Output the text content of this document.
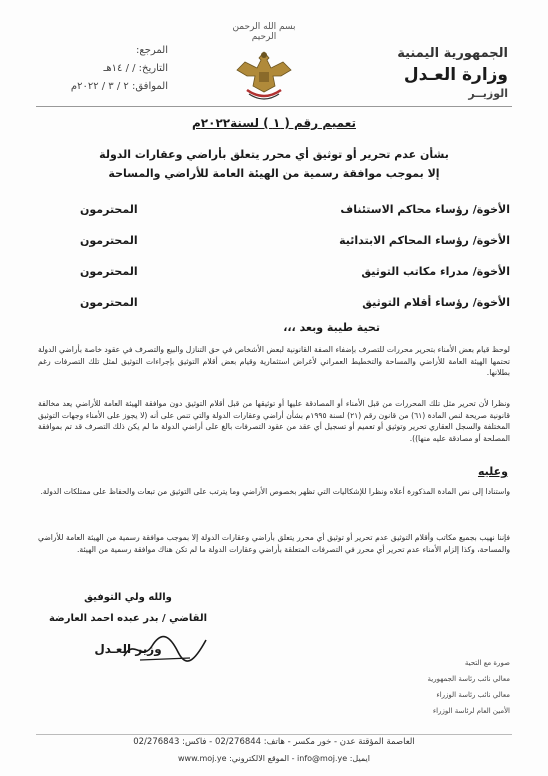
الجمهورية اليمنية
وزارة العـدل
الوزيــر
بسم الله الرحمن الرحيم
المرجع:
التاريخ: / / ١٤هـ
الموافق: ٢ / ٣ / ٢٠٢٢م
تعميم رقم ( ١ ) لسنة٢٠٢٢م
بشأن عدم تحرير أو توثيق أي محرر يتعلق بأراضي وعقارات الدولة
إلا بموجب موافقة رسمية من الهيئة العامة للأراضي والمساحة
الأخوة/ رؤساء محاكم الاستئناف
المحترمون
الأخوة/ رؤساء المحاكم الابتدائية
المحترمون
الأخوة/ مدراء مكاتب التوثيق
المحترمون
الأخوة/ رؤساء أقلام التوثيق
المحترمون
تحية طيبة وبعد ،،،
لوحظ قيام بعض الأمناء بتحرير محررات للتصرف بإضفاء الصفة القانونية لبعض الأشخاص في حق التنازل والبيع والتصرف في عقود خاصة بأراضي الدولة تحتمها الهيئة العامة للأراضي والمساحة والتخطيط العمراني لأغراض استثمارية وقيام بعض أقلام التوثيق بإجراءات التوثيق لمثل تلك التصرفات رغم بطلانها.
ونظرا لأن تحرير مثل تلك المحررات من قبل الأمناء أو المصادقة عليها أو توثيقها من قبل أقلام التوثيق دون موافقة الهيئة العامة للأراضي يعد مخالفة قانونية صريحة لنص المادة (٦١) من قانون رقم (٢١) لسنة ١٩٩٥م بشأن أراضي وعقارات الدولة والتي تنص على أنه (لا يجوز على الأمناء وجهات التوثيق المختلفة والسجل العقاري تحرير وتوثيق أو تعميم أو تسجيل أي عقد من عقود التصرفات بالغ على أراضي الدولة ما لم يكن ذلك التصرف قد تم بموافقة المصلحة أو مصادقة عليه منها)).
وعليه
واستنادا إلى نص المادة المذكورة أعلاه ونظرا للإشكاليات التي تظهر بخصوص الأراضي وما يترتب على التوثيق من تبعات والحفاظ على ممتلكات الدولة.
فإننا نهيب بجميع مكاتب وأقلام التوثيق عدم تحرير أو توثيق أي محرر يتعلق بأراضي وعقارات الدولة إلا بموجب موافقة رسمية من الهيئة العامة للأراضي والمساحة، وكذا إلزام الأمناء عدم تحرير أي محرر في التصرفات المتعلقة بأراضي وعقارات الدولة ما لم تكن هناك موافقة رسمية من الهيئة.
والله ولي التوفيق
القاضي / بدر عبده احمد العارضة
وزير العـدل
صورة مع التحية
معالي نائب رئاسة الجمهورية
معالي نائب رئاسة الوزراء
الأمين العام لرئاسة الوزراء
العاصمة المؤقتة عدن - خور مكسر - هاتف: 02/276844 - فاكس: 02/276843
ايميل: info@moj.ye - الموقع الالكتروني: www.moj.ye
